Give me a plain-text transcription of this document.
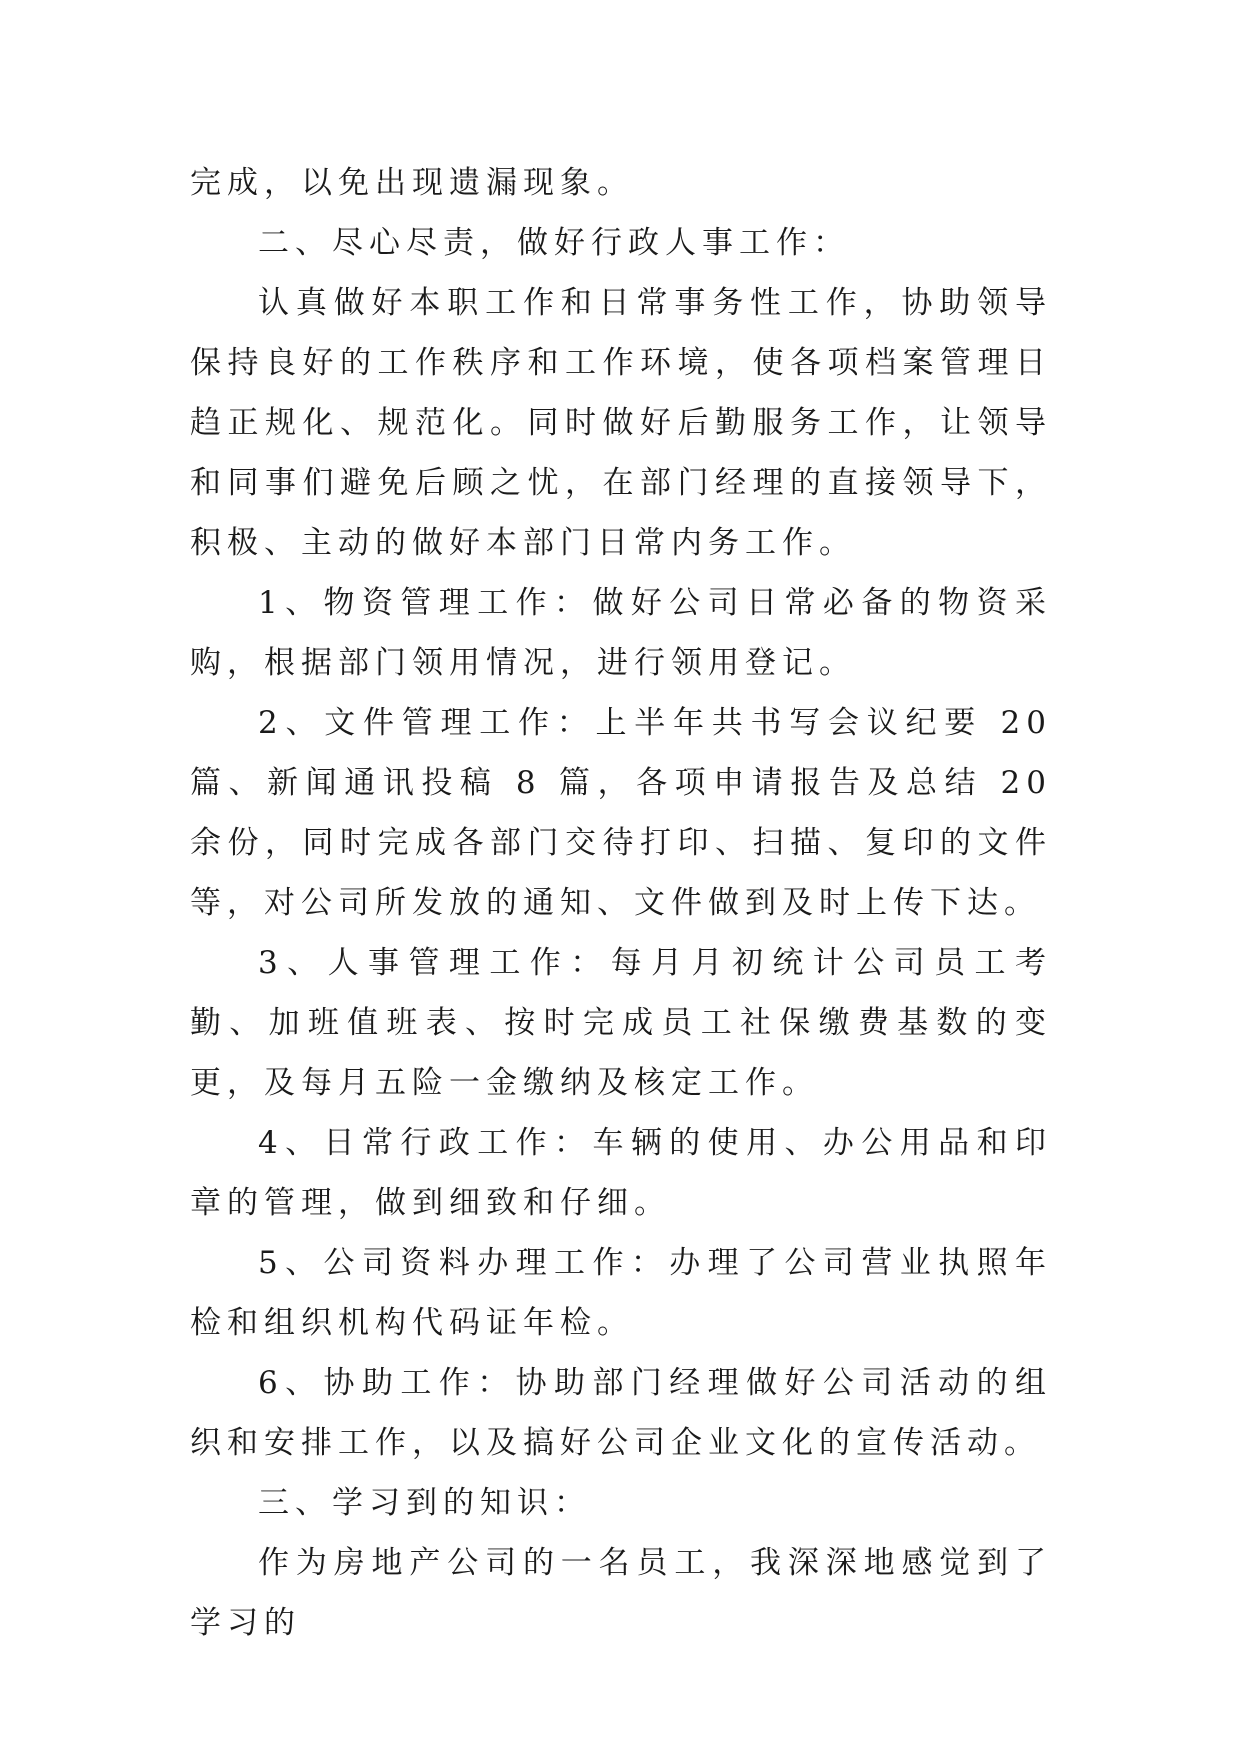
完成，以免出现遗漏现象。

二、尽心尽责，做好行政人事工作：

认真做好本职工作和日常事务性工作，协助领导保持良好的工作秩序和工作环境，使各项档案管理日趋正规化、规范化。同时做好后勤服务工作，让领导和同事们避免后顾之忧，在部门经理的直接领导下，积极、主动的做好本部门日常内务工作。

1、物资管理工作：做好公司日常必备的物资采购，根据部门领用情况，进行领用登记。

2、文件管理工作：上半年共书写会议纪要 20 篇、新闻通讯投稿 8 篇，各项申请报告及总结 20 余份，同时完成各部门交待打印、扫描、复印的文件等，对公司所发放的通知、文件做到及时上传下达。

3、人事管理工作：每月月初统计公司员工考勤、加班值班表、按时完成员工社保缴费基数的变更，及每月五险一金缴纳及核定工作。

4、日常行政工作：车辆的使用、办公用品和印章的管理，做到细致和仔细。

5、公司资料办理工作：办理了公司营业执照年检和组织机构代码证年检。

6、协助工作：协助部门经理做好公司活动的组织和安排工作，以及搞好公司企业文化的宣传活动。

三、学习到的知识：

作为房地产公司的一名员工，我深深地感觉到了学习的
